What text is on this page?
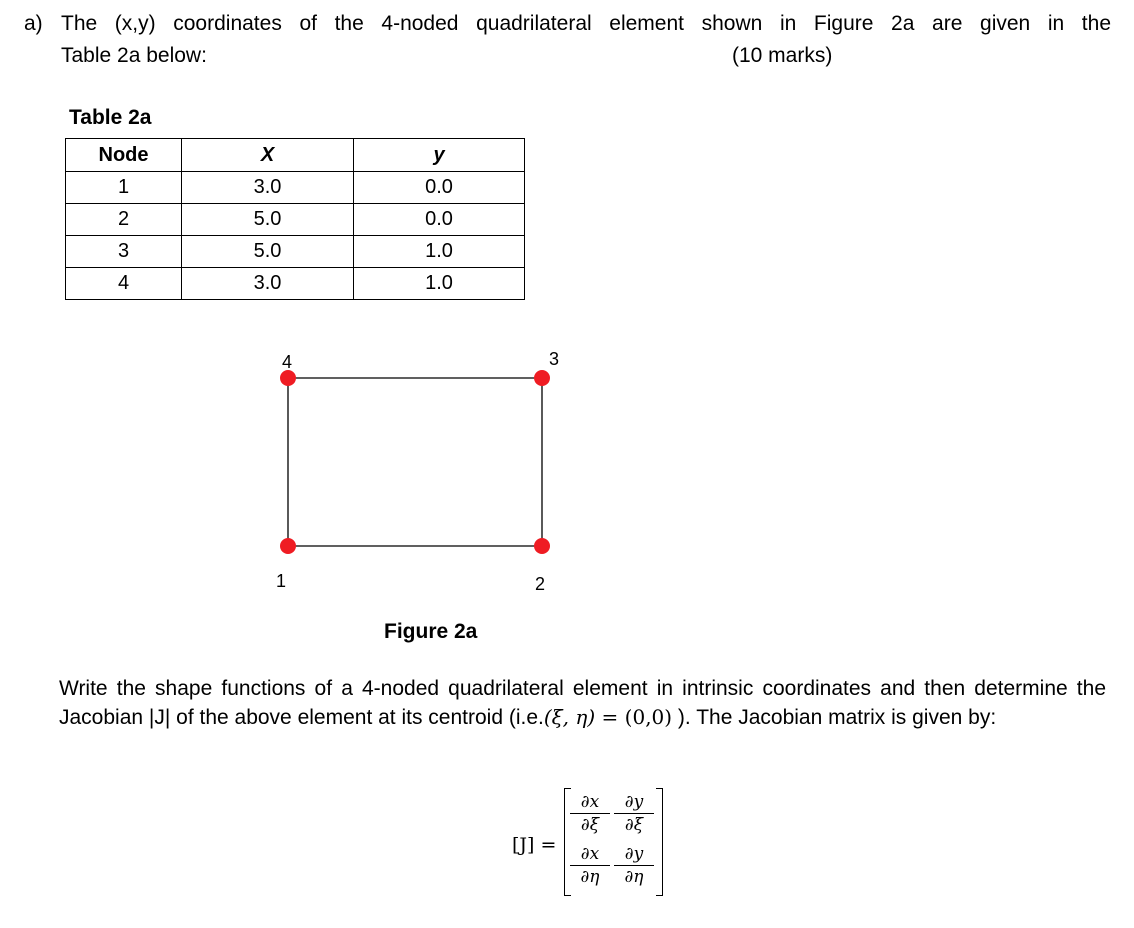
a) The (x,y) coordinates of the 4-noded quadrilateral element shown in Figure 2a are given in the
Table 2a below:	(10 marks)
Table 2a
Node	X	y
1	3.0	0.0
2	5.0	0.0
3	5.0	1.0
4	3.0	1.0
1	2
3
4
Figure 2a
Write the shape functions of a 4-noded quadrilateral element in intrinsic coordinates and then determine the Jacobian |J| of the above element at its centroid (i.e.(ξ, η) = (0,0) ). The Jacobian matrix is given by:
[J] =
$\frac{\partial x}{\partial\xi} \frac{\partial y}{\partial\xi}$
$\frac{\partial x}{\partial\eta} \frac{\partial y}{\partial\eta}$
